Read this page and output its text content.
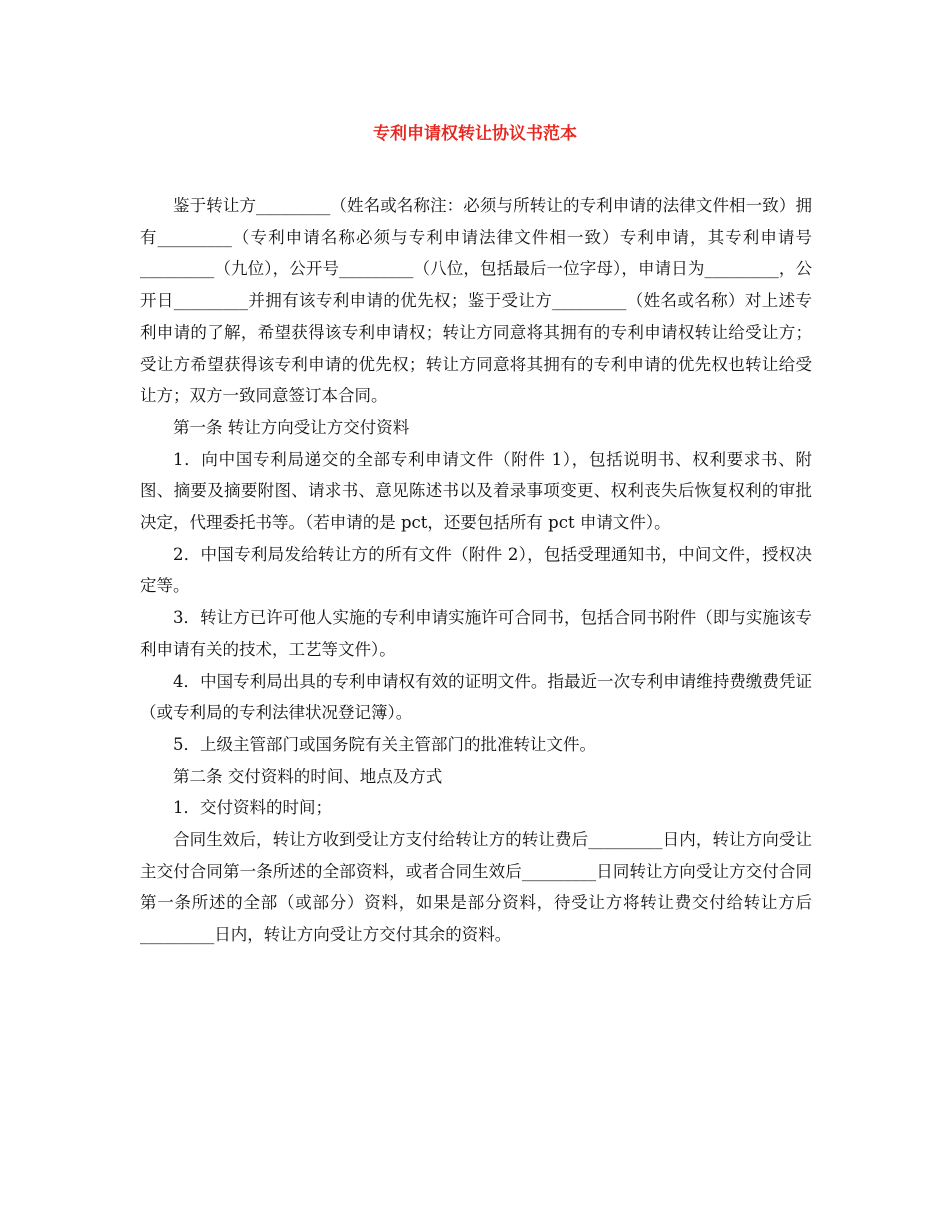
专利申请权转让协议书范本

鉴于转让方_________（姓名或名称注：必须与所转让的专利申请的法律文件相一致）拥有_________（专利申请名称必须与专利申请法律文件相一致）专利申请，其专利申请号_________（九位），公开号_________（八位，包括最后一位字母），申请日为_________，公开日_________并拥有该专利申请的优先权；鉴于受让方_________（姓名或名称）对上述专利申请的了解，希望获得该专利申请权；转让方同意将其拥有的专利申请权转让给受让方；受让方希望获得该专利申请的优先权；转让方同意将其拥有的专利申请的优先权也转让给受让方；双方一致同意签订本合同。

第一条 转让方向受让方交付资料

1．向中国专利局递交的全部专利申请文件（附件 1），包括说明书、权利要求书、附图、摘要及摘要附图、请求书、意见陈述书以及着录事项变更、权利丧失后恢复权利的审批决定，代理委托书等。（若申请的是 pct，还要包括所有 pct 申请文件）。

2．中国专利局发给转让方的所有文件（附件 2），包括受理通知书，中间文件，授权决定等。

3．转让方已许可他人实施的专利申请实施许可合同书，包括合同书附件（即与实施该专利申请有关的技术，工艺等文件）。

4．中国专利局出具的专利申请权有效的证明文件。指最近一次专利申请维持费缴费凭证（或专利局的专利法律状况登记簿）。

5．上级主管部门或国务院有关主管部门的批准转让文件。

第二条 交付资料的时间、地点及方式

1．交付资料的时间；

合同生效后，转让方收到受让方支付给转让方的转让费后_________日内，转让方向受让主交付合同第一条所述的全部资料，或者合同生效后_________日同转让方向受让方交付合同第一条所述的全部（或部分）资料，如果是部分资料，待受让方将转让费交付给转让方后_________日内，转让方向受让方交付其余的资料。
